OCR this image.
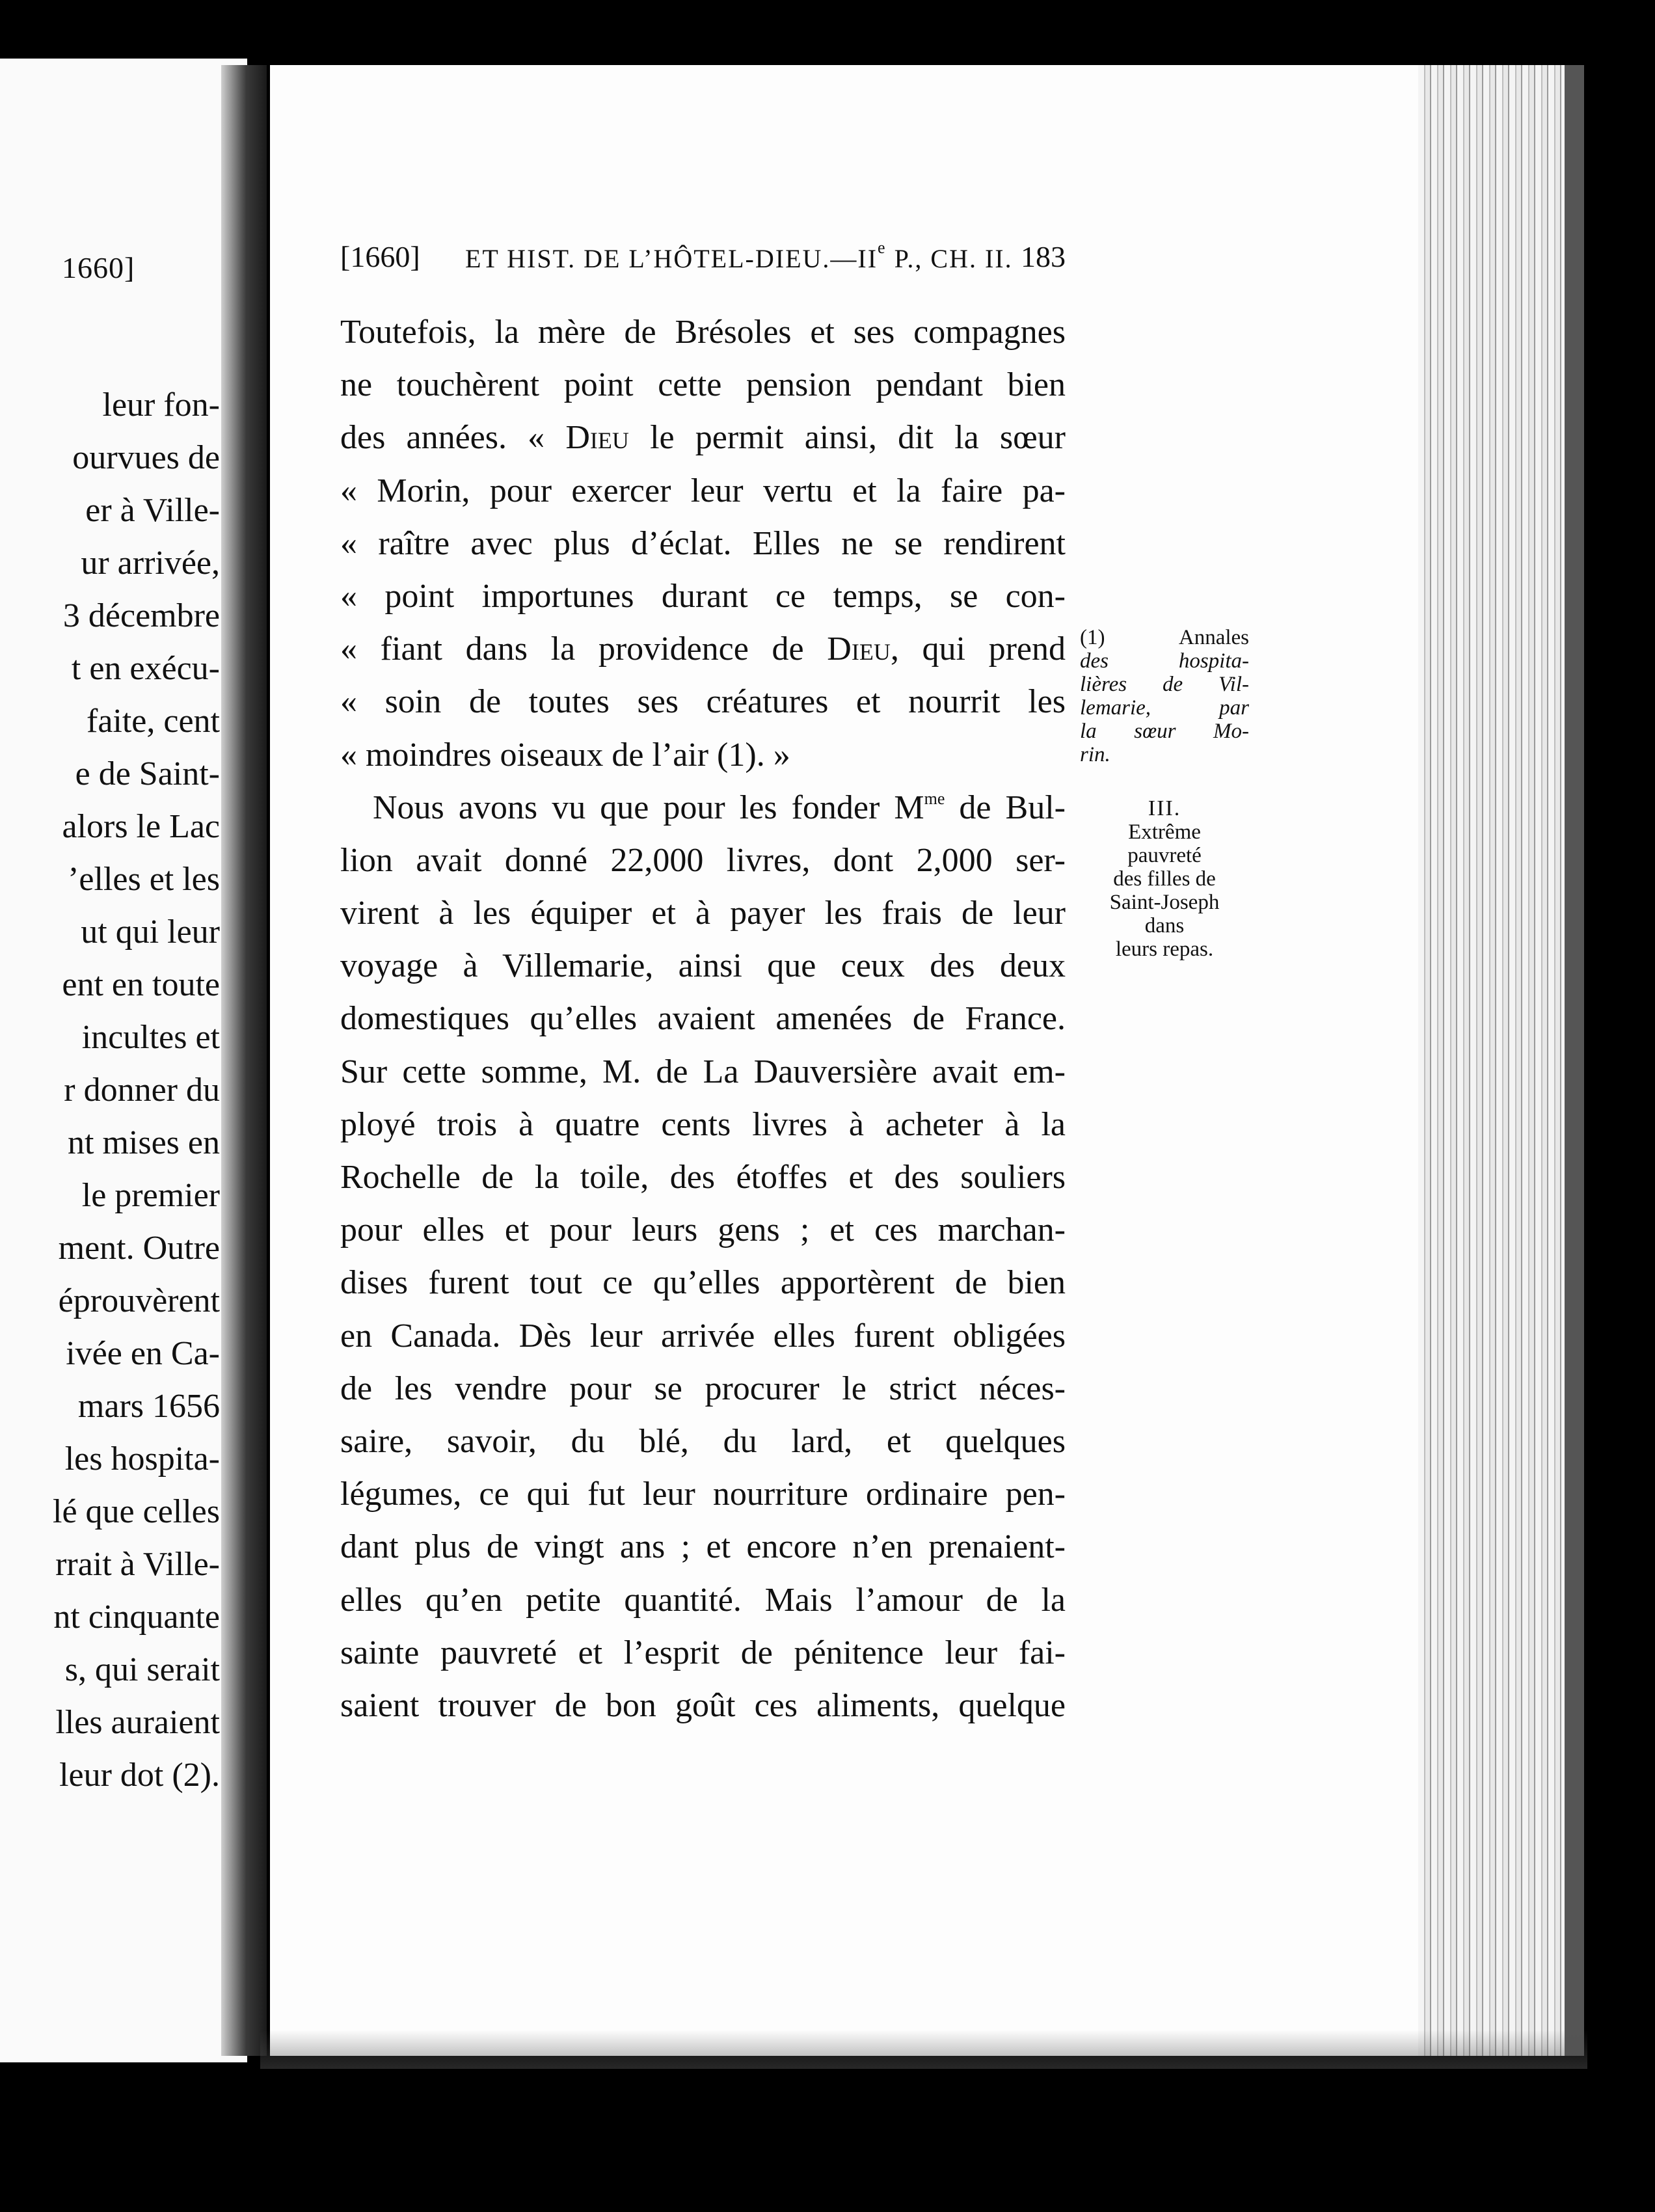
1660]
leur fon-
ourvues de
er à Ville-
ur arrivée,
3 décembre
t en exécu-
faite, cent
e de Saint-
alors le Lac
’elles et les
ut qui leur
ent en toute
incultes et
r donner du
nt mises en
le premier
ment. Outre
éprouvèrent
ivée en Ca-
mars 1656
les hospita-
lé que celles
rrait à Ville-
nt cinquante
s, qui serait
lles auraient
leur dot (2).
[1660] ET HIST. DE L’HÔTEL-DIEU.—IIe P., CH. II. 183
Toutefois, la mère de Brésoles et ses compagnes
ne touchèrent point cette pension pendant bien
des années. « Dieu le permit ainsi, dit la sœur
« Morin, pour exercer leur vertu et la faire pa-
« raître avec plus d’éclat. Elles ne se rendirent
« point importunes durant ce temps, se con-
« fiant dans la providence de Dieu, qui prend
« soin de toutes ses créatures et nourrit les
« moindres oiseaux de l’air (1). »
Nous avons vu que pour les fonder $M^{me}$ de Bul-
lion avait donné 22,000 livres, dont 2,000 ser-
virent à les équiper et à payer les frais de leur
voyage à Villemarie, ainsi que ceux des deux
domestiques qu’elles avaient amenées de France.
Sur cette somme, M. de La Dauversière avait em-
ployé trois à quatre cents livres à acheter à la
Rochelle de la toile, des étoffes et des souliers
pour elles et pour leurs gens ; et ces marchan-
dises furent tout ce qu’elles apportèrent de bien
en Canada. Dès leur arrivée elles furent obligées
de les vendre pour se procurer le strict néces-
saire, savoir, du blé, du lard, et quelques
légumes, ce qui fut leur nourriture ordinaire pen-
dant plus de vingt ans ; et encore n’en prenaient-
elles qu’en petite quantité. Mais l’amour de la
sainte pauvreté et l’esprit de pénitence leur fai-
saient trouver de bon goût ces aliments, quelque
(1) Annales
des hospita-
lières de Vil-
lemarie, par
la sœur Mo-
rin.
III.
Extrême
pauvreté
des filles de
Saint-Joseph
dans
leurs repas.
